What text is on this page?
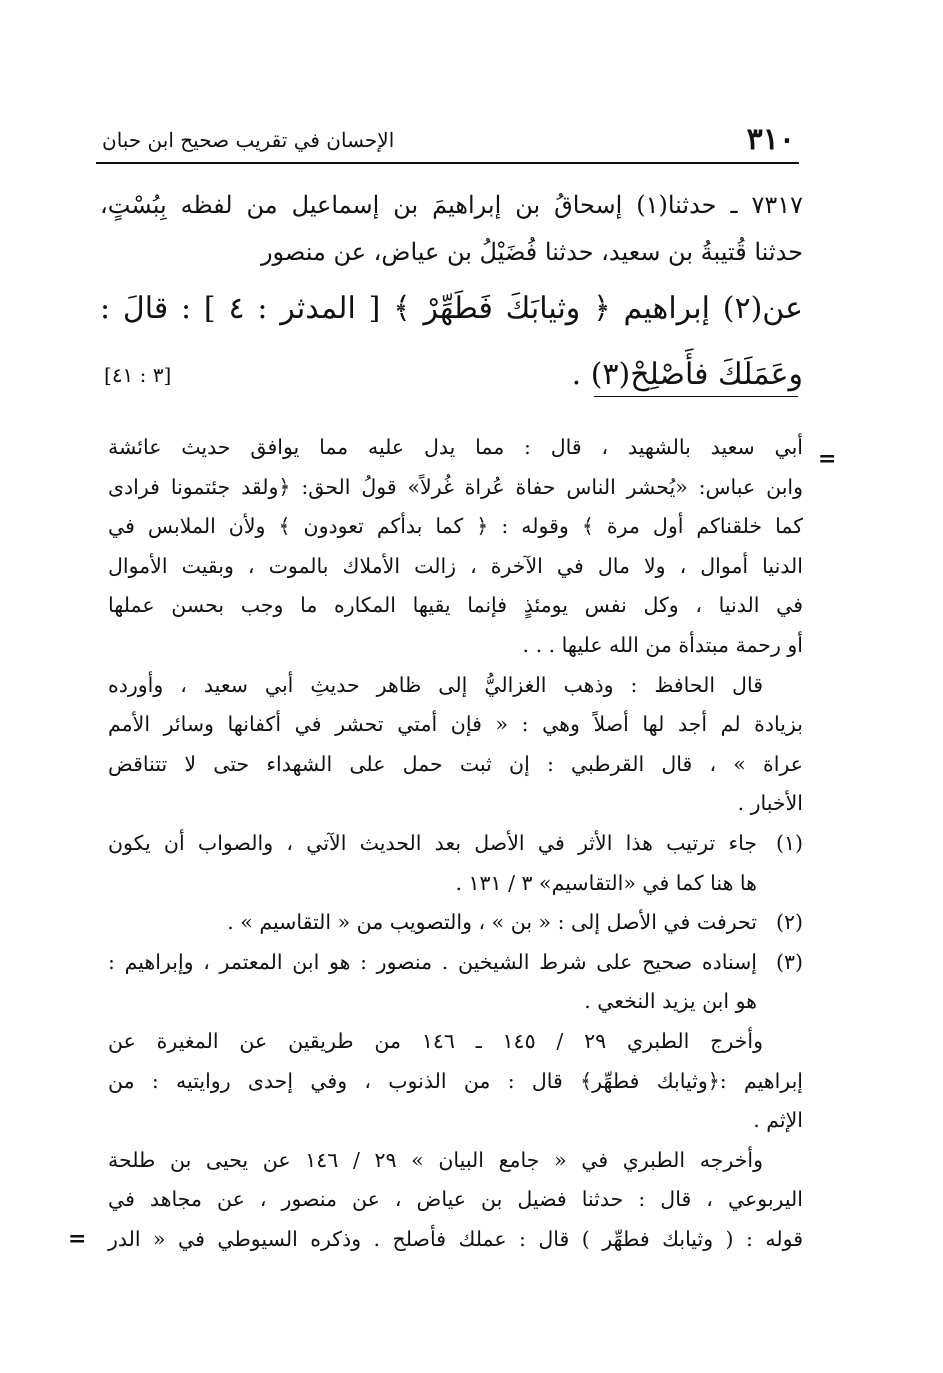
٣١٠
الإحسان في تقريب صحيح ابن حبان
٧٣١٧ ـ حدثنا(١) إسحاقُ بن إبراهيمَ بن إسماعيل من لفظه بِبُسْتٍ،
حدثنا قُتيبةُ بن سعيد، حدثنا فُضَيْلُ بن عياض، عن منصور
عن(٢) إبراهيم ﴿ وثيابَكَ فَطَهِّرْ ﴾ [ المدثر : ٤ ] : قالَ :
وعَمَلَكَ فأَصْلِحْ(٣) .
[٣ : ٤١]
=
أبي سعيد بالشهيد ، قال : مما يدل عليه مما يوافق حديث عائشة
وابن عباس: «يُحشر الناس حفاة عُراة غُرلاً» قولُ الحق: ﴿ولقد جئتمونا فرادى
كما خلقناكم أول مرة ﴾ وقوله : ﴿ كما بدأكم تعودون ﴾ ولأن الملابس في
الدنيا أموال ، ولا مال في الآخرة ، زالت الأملاك بالموت ، وبقيت الأموال
في الدنيا ، وكل نفس يومئذٍ فإنما يقيها المكاره ما وجب بحسن عملها
أو رحمة مبتدأة من الله عليها . . .
قال الحافظ : وذهب الغزاليُّ إلى ظاهر حديثِ أبي سعيد ، وأورده
بزيادة لم أجد لها أصلاً وهي : « فإن أمتي تحشر في أكفانها وسائر الأمم
عراة » ، قال القرطبي : إن ثبت حمل على الشهداء حتى لا تتناقض
الأخبار .
(١)
جاء ترتيب هذا الأثر في الأصل بعد الحديث الآتي ، والصواب أن يكون
ها هنا كما في «التقاسيم» ٣ / ١٣١ .
(٢)
تحرفت في الأصل إلى : « بن » ، والتصويب من « التقاسيم » .
(٣)
إسناده صحيح على شرط الشيخين . منصور : هو ابن المعتمر ، وإبراهيم :
هو ابن يزيد النخعي .
وأخرج الطبري ٢٩ / ١٤٥ ـ ١٤٦ من طريقين عن المغيرة عن
إبراهيم :﴿وثيابك فطهِّر﴾ قال : من الذنوب ، وفي إحدى روايتيه : من
الإثم .
وأخرجه الطبري في « جامع البيان » ٢٩ / ١٤٦ عن يحيى بن طلحة
اليربوعي ، قال : حدثنا فضيل بن عياض ، عن منصور ، عن مجاهد في
قوله : ( وثيابك فطهِّر ) قال : عملك فأصلح . وذكره السيوطي في « الدر
=
